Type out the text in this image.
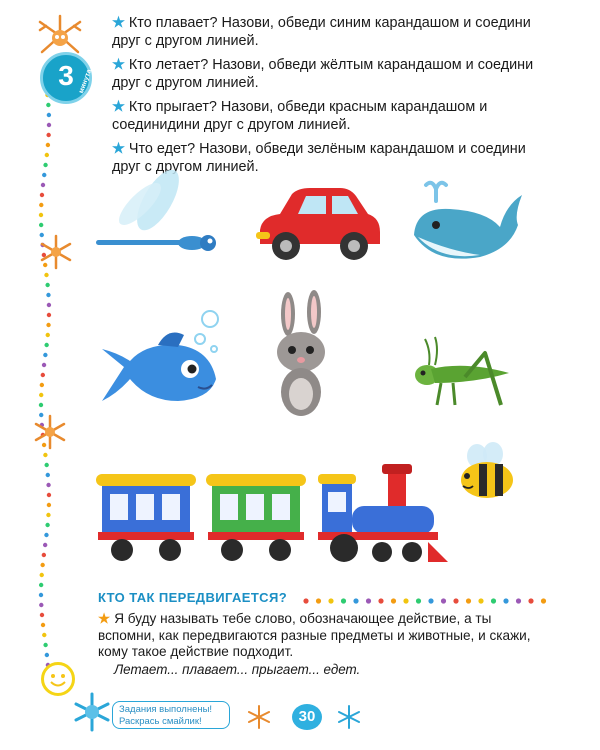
3 минута

★ Кто плавает? Назови, обведи синим карандашом и соедини друг с другом линией.

★ Кто летает? Назови, обведи жёлтым карандашом и соедини друг с другом линией.

★ Кто прыгает? Назови, обведи красным карандашом и соединидини друг с другом линией.

★ Что едет? Назови, обведи зелёным карандашом и соедини друг с другом линией.

КТО ТАК ПЕРЕДВИГАЕТСЯ?
★ Я буду называть тебе слово, обозначающее действие, а ты вспомни, как передвигаются разные предметы и животные, и скажи, кому такое действие подходит.
Летает... плавает... прыгает... едет.
Задания выполнены!
Раскрась смайлик!	30
